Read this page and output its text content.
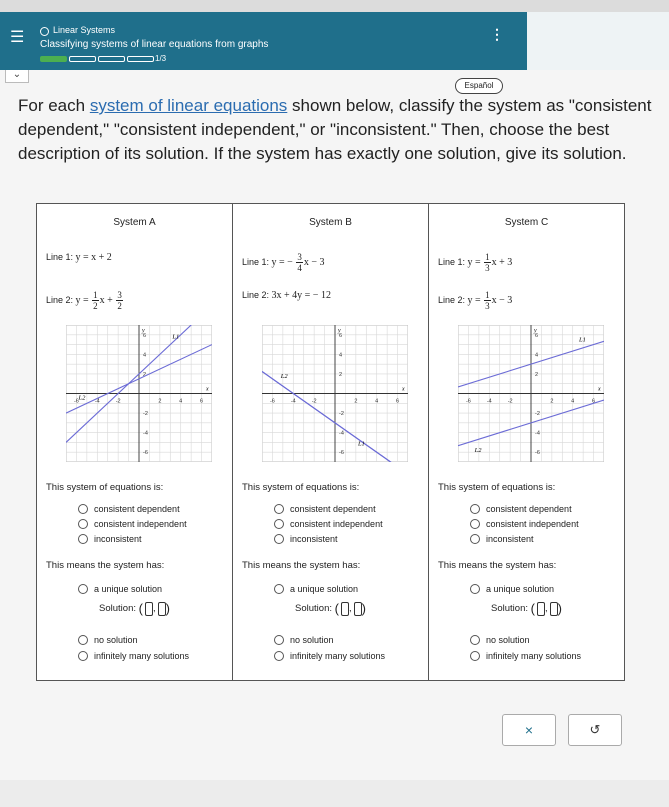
☰	Linear Systems
Classifying systems of linear equations from graphs
1/3
⋮
⌄
Español
For each system of linear equations shown below, classify the system as "consistent dependent," "consistent independent," or "inconsistent." Then, choose the best description of its solution. If the system has exactly one solution, give its solution.
System A
Line 1: y = x + 2
Line 2: $y = \frac{1}{2}$ $x + \frac{3}{2}$
-6
-6
-4
-4
-2
-2
2
2
4
4
6
6
x
y
L1
L2
This system of equations is:
consistent dependent
consistent independent
inconsistent
This means the system has:
a unique solution
Solution: ( , )
no solution
infinitely many solutions
System B
Line 1: y = − $\frac{3}{4}$ x − 3
Line 2: 3x + 4y = − 12
-6
-6
-4
-4
-2
-2
2
2
4
4
6
6
x
y
L2
L1
This system of equations is:
consistent dependent
consistent independent
inconsistent
This means the system has:
a unique solution
Solution: ( , )
no solution
infinitely many solutions
System C
Line 1: $y = \frac{1}{3}$ x + 3
Line 2: $y = \frac{1}{3}$ x − 3
-6
-6
-4
-4
-2
-2
2
2
4
4
6
6
x
y
L1
L2
This system of equations is:
consistent dependent
consistent independent
inconsistent
This means the system has:
a unique solution
Solution: ( , )
no solution
infinitely many solutions
×	↺
